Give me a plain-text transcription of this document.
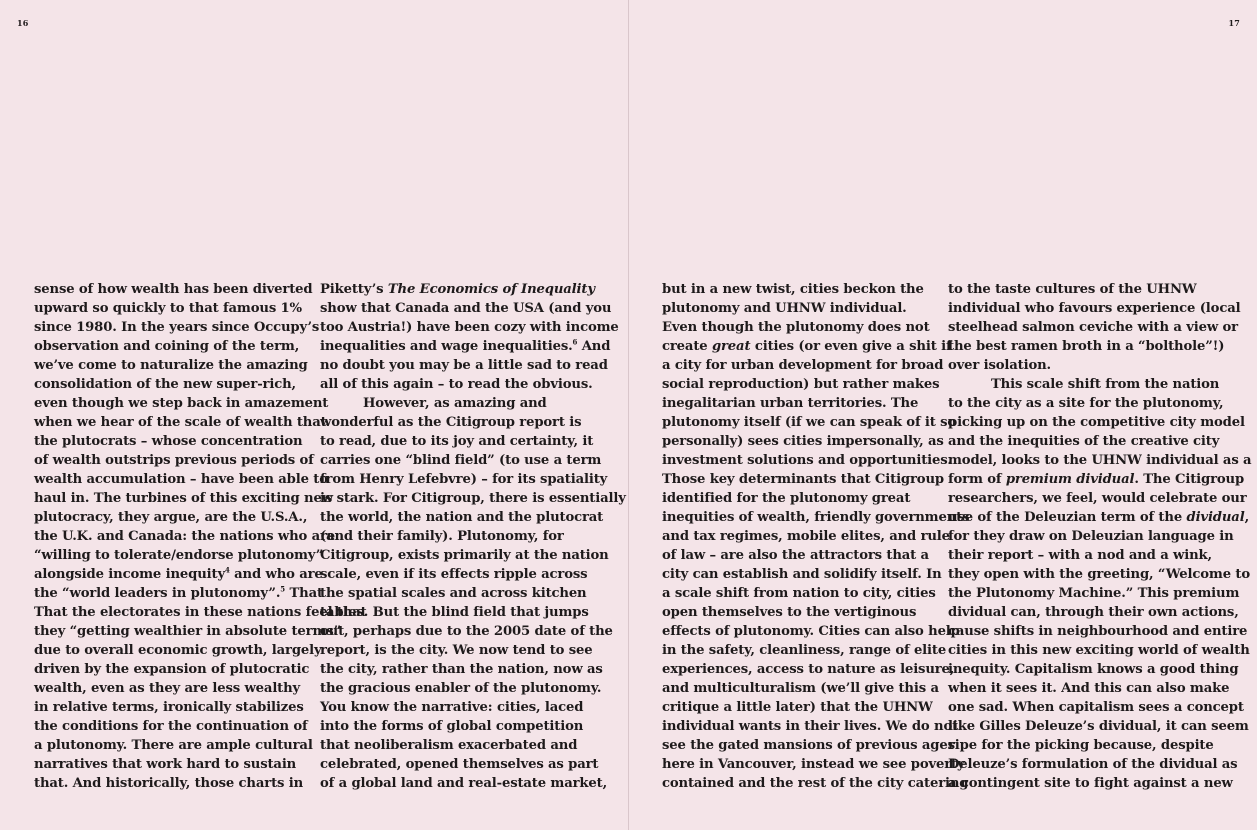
16
sense of how wealth has been diverted
upward so quickly to that famous 1%
since 1980. In the years since Occupy’s
observation and coining of the term,
we’ve come to naturalize the amazing
consolidation of the new super-rich,
even though we step back in amazement
when we hear of the scale of wealth that
the plutocrats – whose concentration
of wealth outstrips previous periods of
wealth accumulation – have been able to
haul in. The turbines of this exciting new
plutocracy, they argue, are the U.S.A.,
the U.K. and Canada: the nations who are
“willing to tolerate/endorse plutonomy”
alongside income inequity$^4$ and who are
the “world leaders in plutonomy”.$^5$ That
That the electorates in these nations feel that
they “getting wealthier in absolute terms”
due to overall economic growth, largely
driven by the expansion of plutocratic
wealth, even as they are less wealthy
in relative terms, ironically stabilizes
the conditions for the continuation of
a plutonomy. There are ample cultural
narratives that work hard to sustain
that. And historically, those charts in
Piketty’s The Economics of Inequality
show that Canada and the USA (and you
too Austria!) have been cozy with income
inequalities and wage inequalities.$^6$ And
no doubt you may be a little sad to read
all of this again – to read the obvious.
However, as amazing and
wonderful as the Citigroup report is
to read, due to its joy and certainty, it
carries one “blind field” (to use a term
from Henry Lefebvre) – for its spatiality
is stark. For Citigroup, there is essentially
the world, the nation and the plutocrat
(and their family). Plutonomy, for
Citigroup, exists primarily at the nation
scale, even if its effects ripple across
the spatial scales and across kitchen
tables. But the blind field that jumps
out, perhaps due to the 2005 date of the
report, is the city. We now tend to see
the city, rather than the nation, now as
the gracious enabler of the plutonomy.
You know the narrative: cities, laced
into the forms of global competition
that neoliberalism exacerbated and
celebrated, opened themselves as part
of a global land and real-estate market,
17
but in a new twist, cities beckon the
plutonomy and UHNW individual.
Even though the plutonomy does not
create great cities (or even give a shit if
a city for urban development for broad
social reproduction) but rather makes
inegalitarian urban territories. The
plutonomy itself (if we can speak of it so
personally) sees cities impersonally, as
investment solutions and opportunities.
Those key determinants that Citigroup
identified for the plutonomy great
inequities of wealth, friendly governments
and tax regimes, mobile elites, and rule
of law – are also the attractors that a
city can establish and solidify itself. In
a scale shift from nation to city, cities
open themselves to the vertiginous
effects of plutonomy. Cities can also help
in the safety, cleanliness, range of elite
experiences, access to nature as leisure,
and multiculturalism (we’ll give this a
critique a little later) that the UHNW
individual wants in their lives. We do not
see the gated mansions of previous ages
here in Vancouver, instead we see poverty
contained and the rest of the city catering
to the taste cultures of the UHNW
individual who favours experience (local
steelhead salmon ceviche with a view or
the best ramen broth in a “bolthole”!)
over isolation.
This scale shift from the nation
to the city as a site for the plutonomy,
picking up on the competitive city model
and the inequities of the creative city
model, looks to the UHNW individual as a
form of premium dividual. The Citigroup
researchers, we feel, would celebrate our
use of the Deleuzian term of the dividual,
for they draw on Deleuzian language in
their report – with a nod and a wink,
they open with the greeting, “Welcome to
the Plutonomy Machine.” This premium
dividual can, through their own actions,
cause shifts in neighbourhood and entire
cities in this new exciting world of wealth
inequity. Capitalism knows a good thing
when it sees it. And this can also make
one sad. When capitalism sees a concept
like Gilles Deleuze’s dividual, it can seem
ripe for the picking because, despite
Deleuze’s formulation of the dividual as
a contingent site to fight against a new
